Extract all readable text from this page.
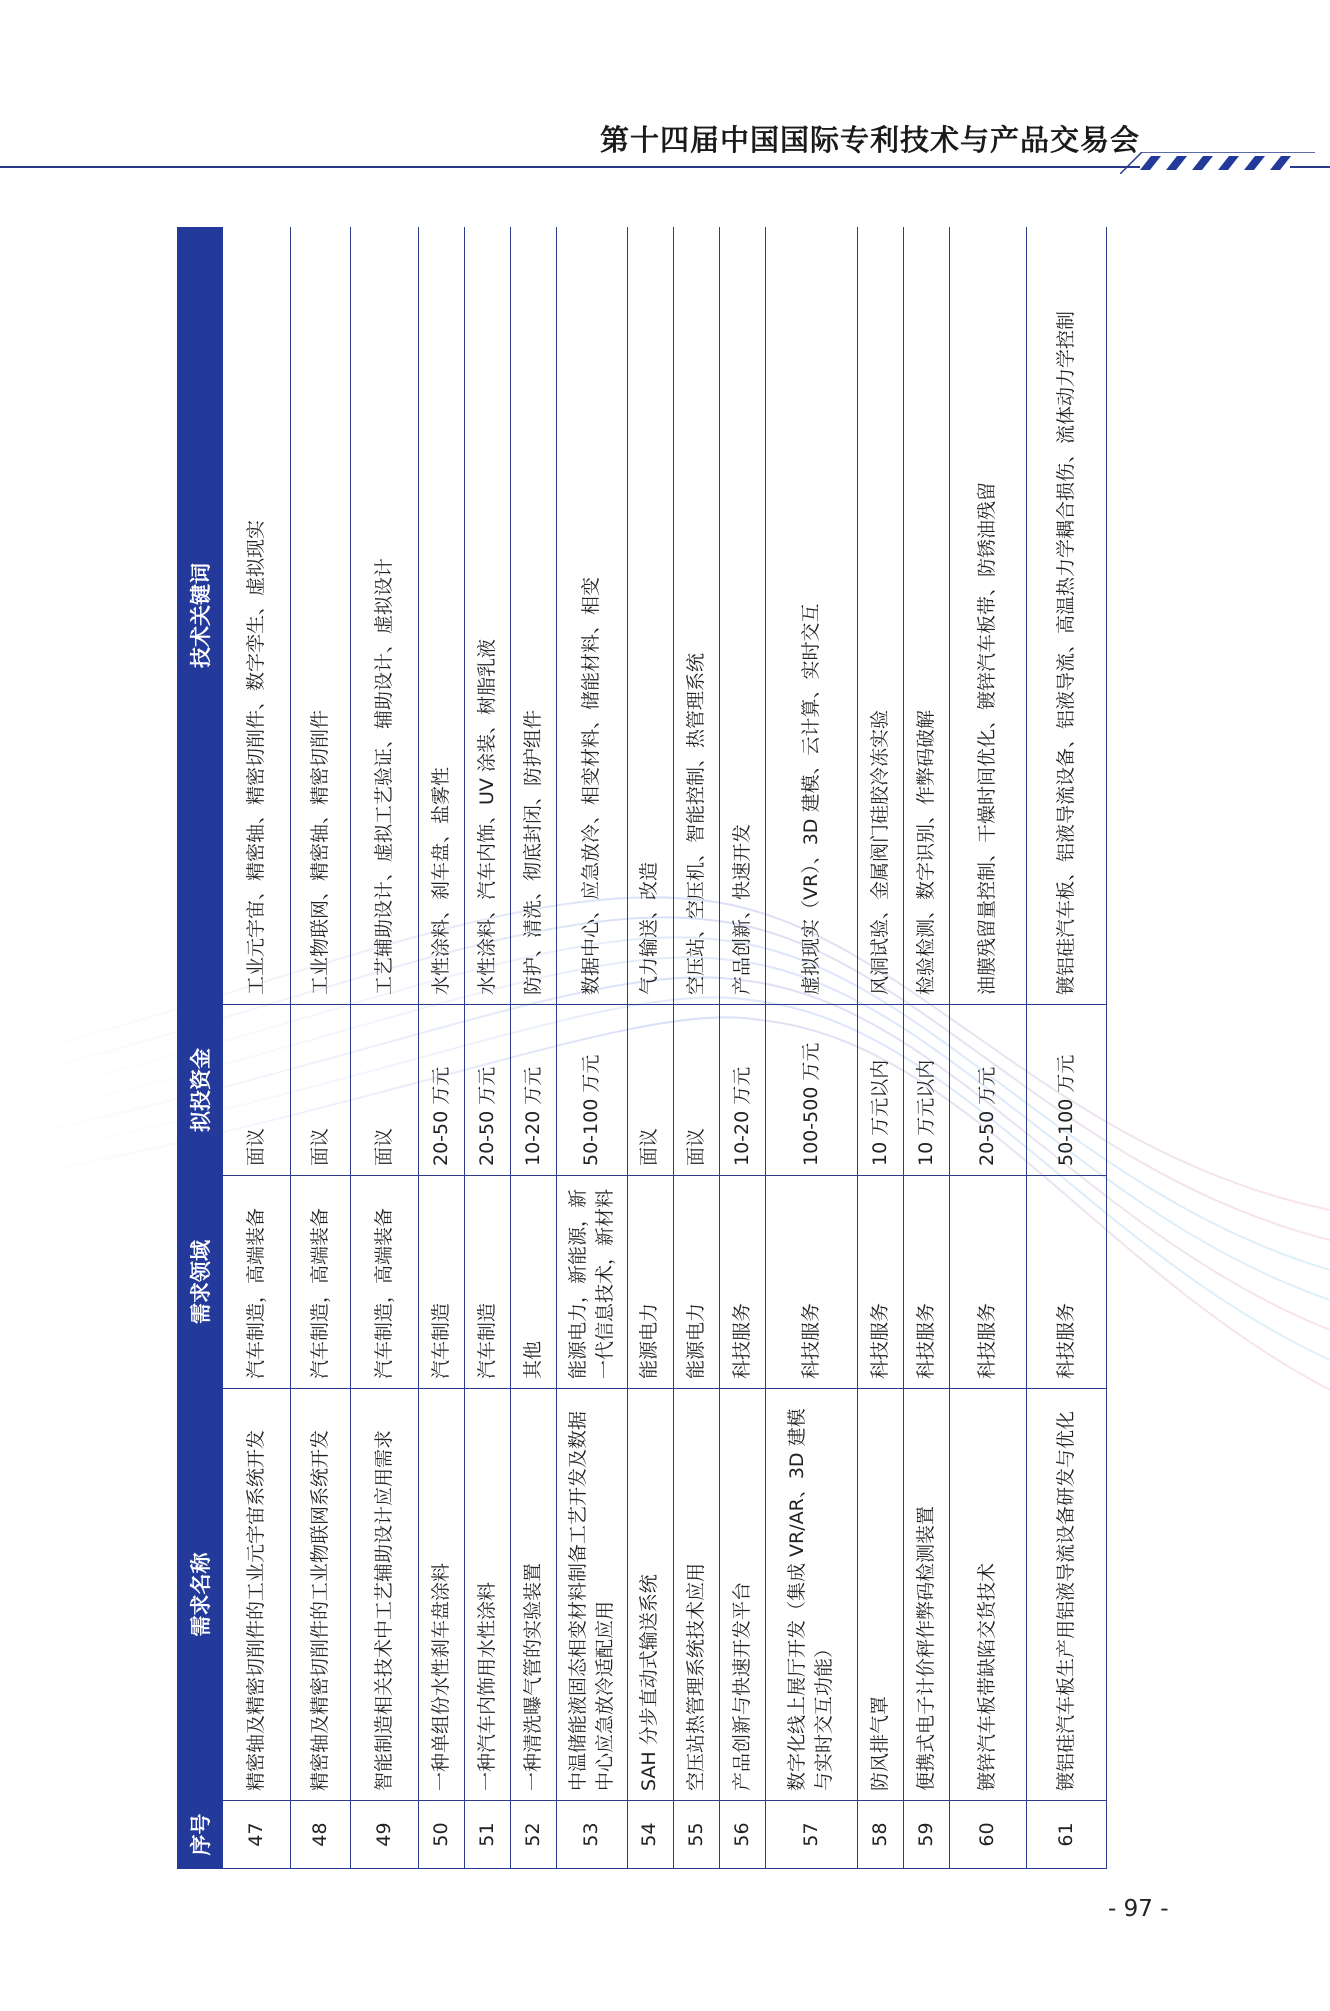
第十四届中国国际专利技术与产品交易会
序号	需求名称	需求领域	拟投资金	技术关键词
47	精密轴及精密切削件的工业元宇宙系统开发	汽车制造，高端装备	面议	工业元宇宙、精密轴、精密切削件、数字孪生、虚拟现实
48	精密轴及精密切削件的工业物联网系统开发	汽车制造，高端装备	面议	工业物联网、精密轴、精密切削件
49	智能制造相关技术中工艺辅助设计应用需求	汽车制造，高端装备	面议	工艺辅助设计、虚拟工艺验证、辅助设计、虚拟设计
50	一种单组份水性刹车盘涂料	汽车制造	20-50 万元	水性涂料、刹车盘、盐雾性
51	一种汽车内饰用水性涂料	汽车制造	20-50 万元	水性涂料、汽车内饰、UV 涂装、树脂乳液
52	一种清洗曝气管的实验装置	其他	10-20 万元	防护、清洗、彻底封闭、防护组件
53	中温储能液固态相变材料制备工艺开发及数据中心应急放冷适配应用	能源电力，新能源，新一代信息技术，新材料	50-100 万元	数据中心、应急放冷、相变材料、储能材料、相变
54	SAH 分步直动式输送系统	能源电力	面议	气力输送、改造
55	空压站热管理系统技术应用	能源电力	面议	空压站、空压机、智能控制、热管理系统
56	产品创新与快速开发平台	科技服务	10-20 万元	产品创新、快速开发
57	数字化线上展厅开发（集成 VR/AR、3D 建模与实时交互功能）	科技服务	100-500 万元	虚拟现实（VR）、3D 建模、云计算、实时交互
58	防风排气罩	科技服务	10 万元以内	风洞试验、金属阀门硅胶冷冻实验
59	便携式电子计价秤作弊码检测装置	科技服务	10 万元以内	检验检测、数字识别、作弊码破解
60	镀锌汽车板带缺陷交货技术	科技服务	20-50 万元	油膜残留量控制、干燥时间优化、镀锌汽车板带、防锈油残留
61	镀铝硅汽车板生产用铝液导流设备研发与优化	科技服务	50-100 万元	镀铝硅汽车板、铝液导流设备、铝液导流、高温热力学耦合损伤、流体动力学控制
- 97 -
